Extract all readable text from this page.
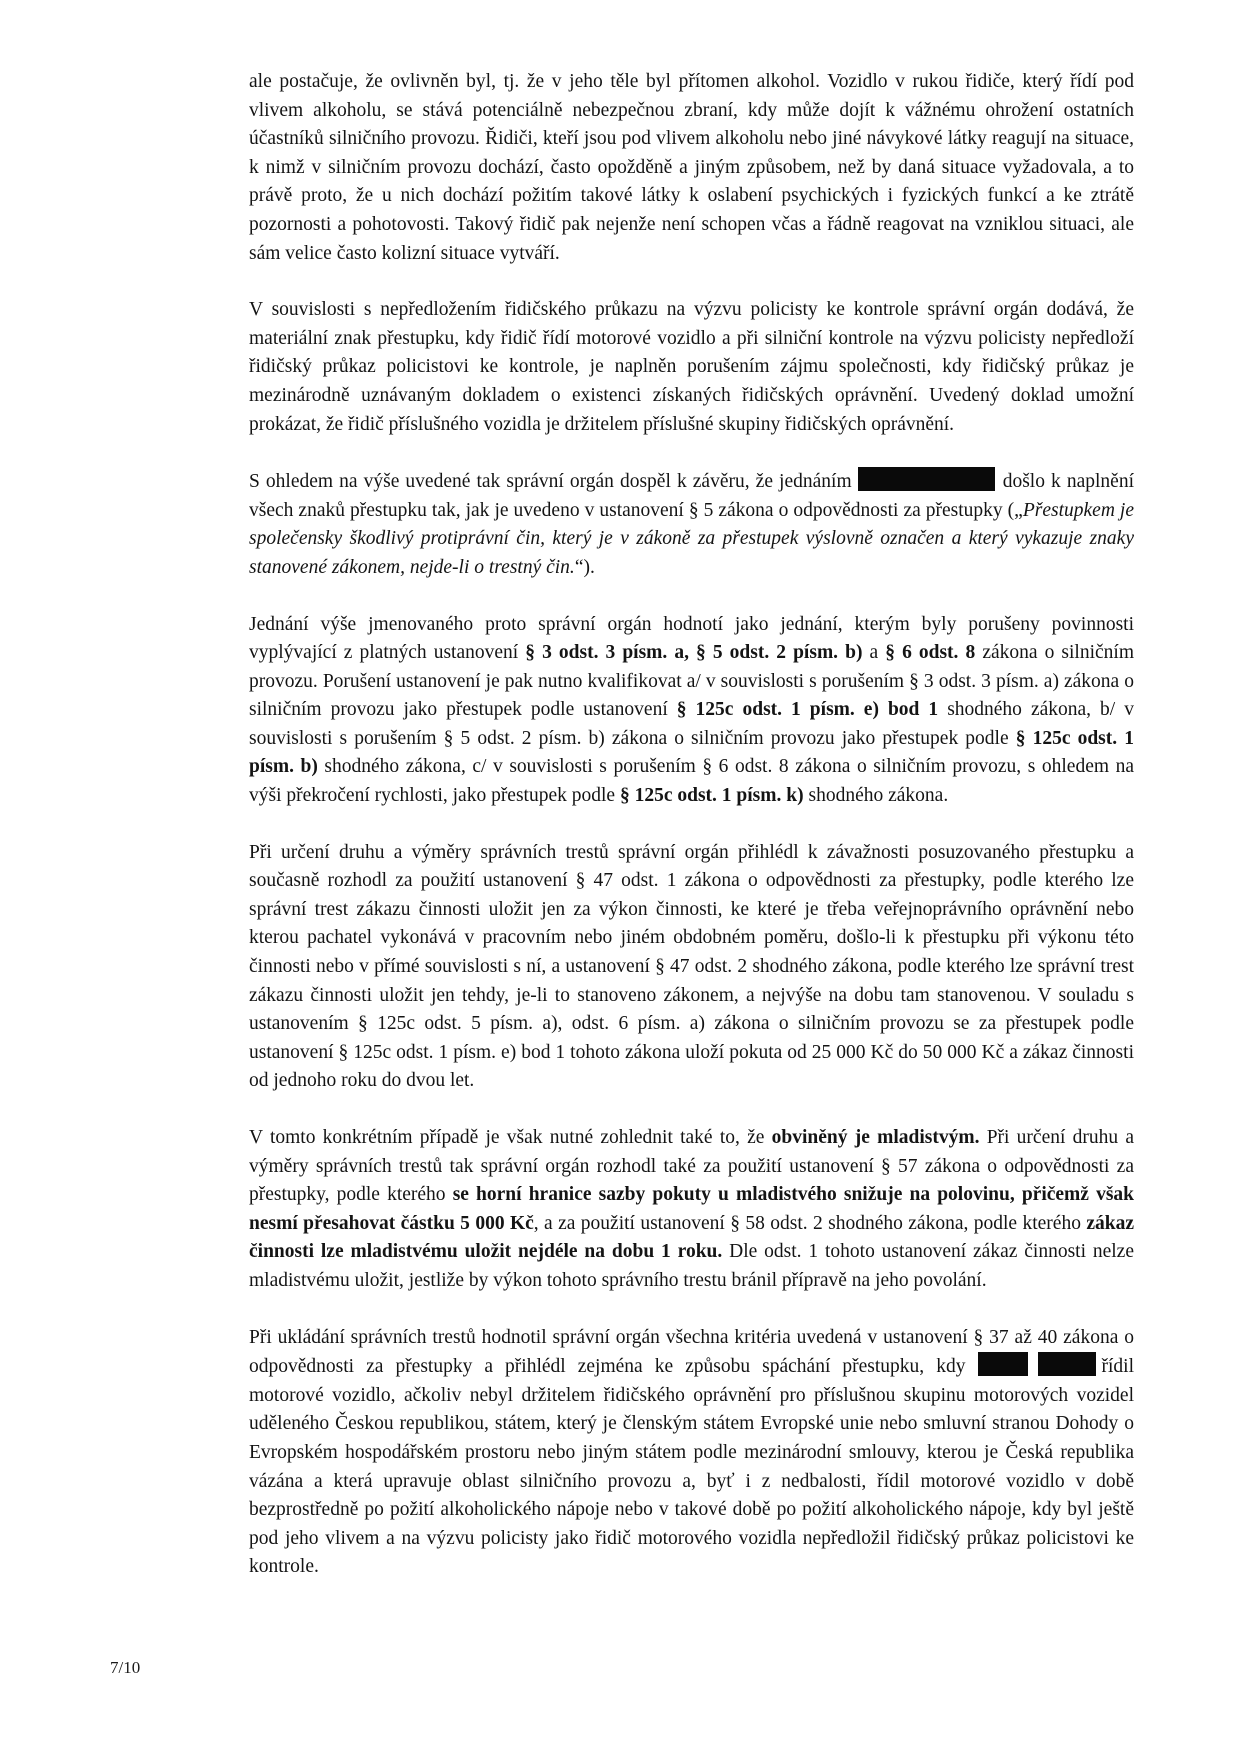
ale postačuje, že ovlivněn byl, tj. že v jeho těle byl přítomen alkohol. Vozidlo v rukou řidiče, který řídí pod vlivem alkoholu, se stává potenciálně nebezpečnou zbraní, kdy může dojít k vážnému ohrožení ostatních účastníků silničního provozu. Řidiči, kteří jsou pod vlivem alkoholu nebo jiné návykové látky reagují na situace, k nimž v silničním provozu dochází, často opožděně a jiným způsobem, než by daná situace vyžadovala, a to právě proto, že u nich dochází požitím takové látky k oslabení psychických i fyzických funkcí a ke ztrátě pozornosti a pohotovosti. Takový řidič pak nejenže není schopen včas a řádně reagovat na vzniklou situaci, ale sám velice často kolizní situace vytváří.

V souvislosti s nepředložením řidičského průkazu na výzvu policisty ke kontrole správní orgán dodává, že materiální znak přestupku, kdy řidič řídí motorové vozidlo a při silniční kontrole na výzvu policisty nepředloží řidičský průkaz policistovi ke kontrole, je naplněn porušením zájmu společnosti, kdy řidičský průkaz je mezinárodně uznávaným dokladem o existenci získaných řidičských oprávnění. Uvedený doklad umožní prokázat, že řidič příslušného vozidla je držitelem příslušné skupiny řidičských oprávnění.

S ohledem na výše uvedené tak správní orgán dospěl k závěru, že jednáním	došlo k naplnění všech znaků přestupku tak, jak je uvedeno v ustanovení § 5 zákona o odpovědnosti za přestupky („Přestupkem je společensky škodlivý protiprávní čin, který je v zákoně za přestupek výslovně označen a který vykazuje znaky stanovené zákonem, nejde-li o trestný čin.“).

Jednání výše jmenovaného proto správní orgán hodnotí jako jednání, kterým byly porušeny povinnosti vyplývající z platných ustanovení § 3 odst. 3 písm. a, § 5 odst. 2 písm. b) a § 6 odst. 8 zákona o silničním provozu. Porušení ustanovení je pak nutno kvalifikovat a/ v souvislosti s porušením § 3 odst. 3 písm. a) zákona o silničním provozu jako přestupek podle ustanovení § 125c odst. 1 písm. e) bod 1 shodného zákona, b/ v souvislosti s porušením § 5 odst. 2 písm. b) zákona o silničním provozu jako přestupek podle § 125c odst. 1 písm. b) shodného zákona, c/ v souvislosti s porušením § 6 odst. 8 zákona o silničním provozu, s ohledem na výši překročení rychlosti, jako přestupek podle § 125c odst. 1 písm. k) shodného zákona.

Při určení druhu a výměry správních trestů správní orgán přihlédl k závažnosti posuzovaného přestupku a současně rozhodl za použití ustanovení § 47 odst. 1 zákona o odpovědnosti za přestupky, podle kterého lze správní trest zákazu činnosti uložit jen za výkon činnosti, ke které je třeba veřejnoprávního oprávnění nebo kterou pachatel vykonává v pracovním nebo jiném obdobném poměru, došlo-li k přestupku při výkonu této činnosti nebo v přímé souvislosti s ní, a ustanovení § 47 odst. 2 shodného zákona, podle kterého lze správní trest zákazu činnosti uložit jen tehdy, je-li to stanoveno zákonem, a nejvýše na dobu tam stanovenou. V souladu s ustanovením § 125c odst. 5 písm. a), odst. 6 písm. a) zákona o silničním provozu se za přestupek podle ustanovení § 125c odst. 1 písm. e) bod 1 tohoto zákona uloží pokuta od 25 000 Kč do 50 000 Kč a zákaz činnosti od jednoho roku do dvou let.

V tomto konkrétním případě je však nutné zohlednit také to, že obviněný je mladistvým. Při určení druhu a výměry správních trestů tak správní orgán rozhodl také za použití ustanovení § 57 zákona o odpovědnosti za přestupky, podle kterého se horní hranice sazby pokuty u mladistvého snižuje na polovinu, přičemž však nesmí přesahovat částku 5 000 Kč, a za použití ustanovení § 58 odst. 2 shodného zákona, podle kterého zákaz činnosti lze mladistvému uložit nejdéle na dobu 1 roku. Dle odst. 1 tohoto ustanovení zákaz činnosti nelze mladistvému uložit, jestliže by výkon tohoto správního trestu bránil přípravě na jeho povolání.

Při ukládání správních trestů hodnotil správní orgán všechna kritéria uvedená v ustanovení § 37 až 40 zákona o odpovědnosti za přestupky a přihlédl zejména ke způsobu spáchání přestupku, kdy	řídil motorové vozidlo, ačkoliv nebyl držitelem řidičského oprávnění pro příslušnou skupinu motorových vozidel uděleného Českou republikou, státem, který je členským státem Evropské unie nebo smluvní stranou Dohody o Evropském hospodářském prostoru nebo jiným státem podle mezinárodní smlouvy, kterou je Česká republika vázána a která upravuje oblast silničního provozu a, byť i z nedbalosti, řídil motorové vozidlo v době bezprostředně po požití alkoholického nápoje nebo v takové době po požití alkoholického nápoje, kdy byl ještě pod jeho vlivem a na výzvu policisty jako řidič motorového vozidla nepředložil řidičský průkaz policistovi ke kontrole.

7/10
